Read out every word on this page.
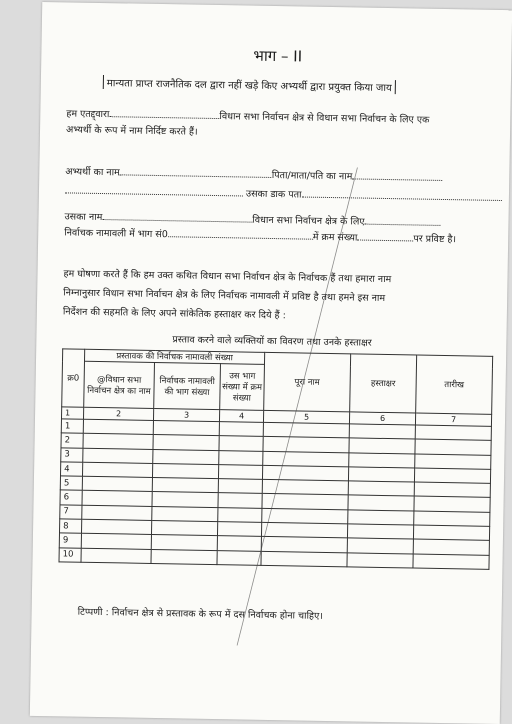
भाग – II
मान्यता प्राप्त राजनैतिक दल द्वारा नहीं खड़े किए अभ्यर्थी द्वारा प्रयुक्त किया जाय
हम एतद्द्वारा	विधान सभा निर्वाचन क्षेत्र से विधान सभा निर्वाचन के लिए एक
अभ्यर्थी के रूप में नाम निर्दिष्ट करते हैं।
अभ्यर्थी का नाम	पिता/माता/पति का नाम
उसका डाक पता
उसका नाम	विधान सभा निर्वाचन क्षेत्र के लिए
निर्वाचक नामावली में भाग सं0	में क्रम संख्या	पर प्रविष्ट है।
हम घोषणा करते हैं कि हम उक्त कथित विधान सभा निर्वाचन क्षेत्र के निर्वाचक हैं तथा हमारा नाम
निम्नानुसार विधान सभा निर्वाचन क्षेत्र के लिए निर्वाचक नामावली में प्रविष्ट है तथा हमने इस नाम
निर्देशन की सहमति के लिए अपने सांकेतिक हस्ताक्षर कर दिये हैं :
प्रस्ताव करने वाले व्यक्तियों का विवरण तथा उनके हस्ताक्षर
क्र0	प्रस्तावक की निर्वाचक नामावली संख्या			पूरा नाम	हस्ताक्षर	तारीख
	@विधान सभा निर्वाचन क्षेत्र का नाम	निर्वाचक नामावली की भाग संख्या	उस भाग संख्या में क्रम संख्या			
1	2	3	4	5	6	7
1						
2						
3						
4						
5						
6						
7						
8						
9						
10						
टिप्पणी : निर्वाचन क्षेत्र से प्रस्तावक के रूप में दस निर्वाचक होना चाहिए।
